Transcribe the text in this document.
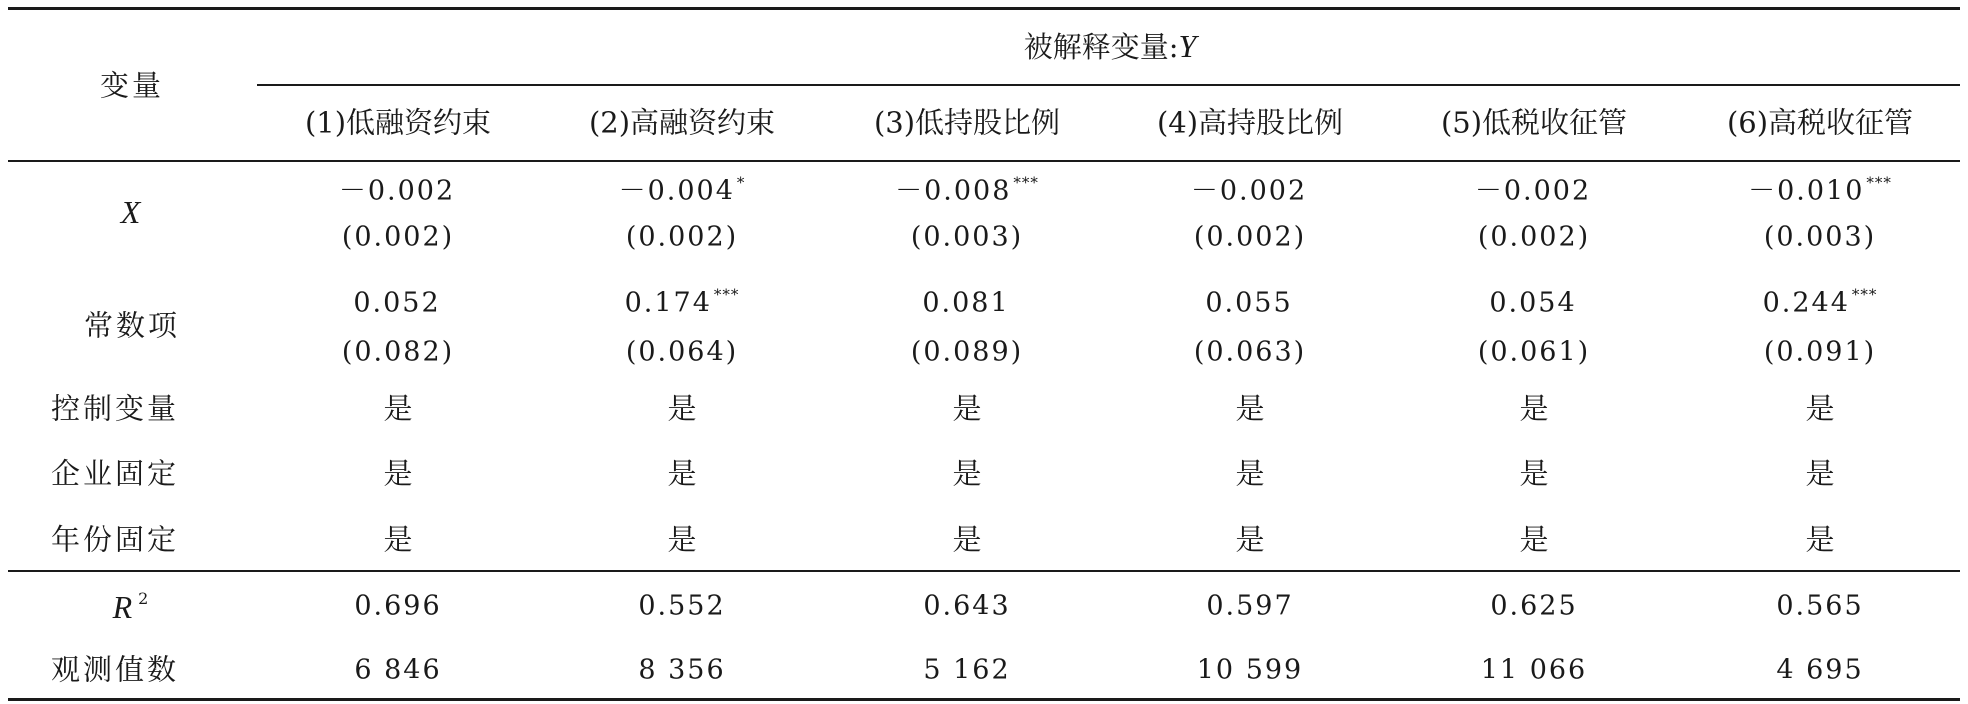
变量
被解释变量:Y
X
常数项
控制变量
企业固定
年份固定
R $^2$
观测值数
(1)低融资约束
－0.002
(0.002)
0.052
(0.082)
是
是
是
0.696
6 846
(2)高融资约束
－0.004 *
(0.002)
0.174 ***
(0.064)
是
是
是
0.552
8 356
(3)低持股比例
－0.008 ***
(0.003)
0.081
(0.089)
是
是
是
0.643
5 162
(4)高持股比例
－0.002
(0.002)
0.055
(0.063)
是
是
是
0.597
10 599
(5)低税收征管
－0.002
(0.002)
0.054
(0.061)
是
是
是
0.625
11 066
(6)高税收征管
－0.010 ***
(0.003)
0.244 ***
(0.091)
是
是
是
0.565
4 695
